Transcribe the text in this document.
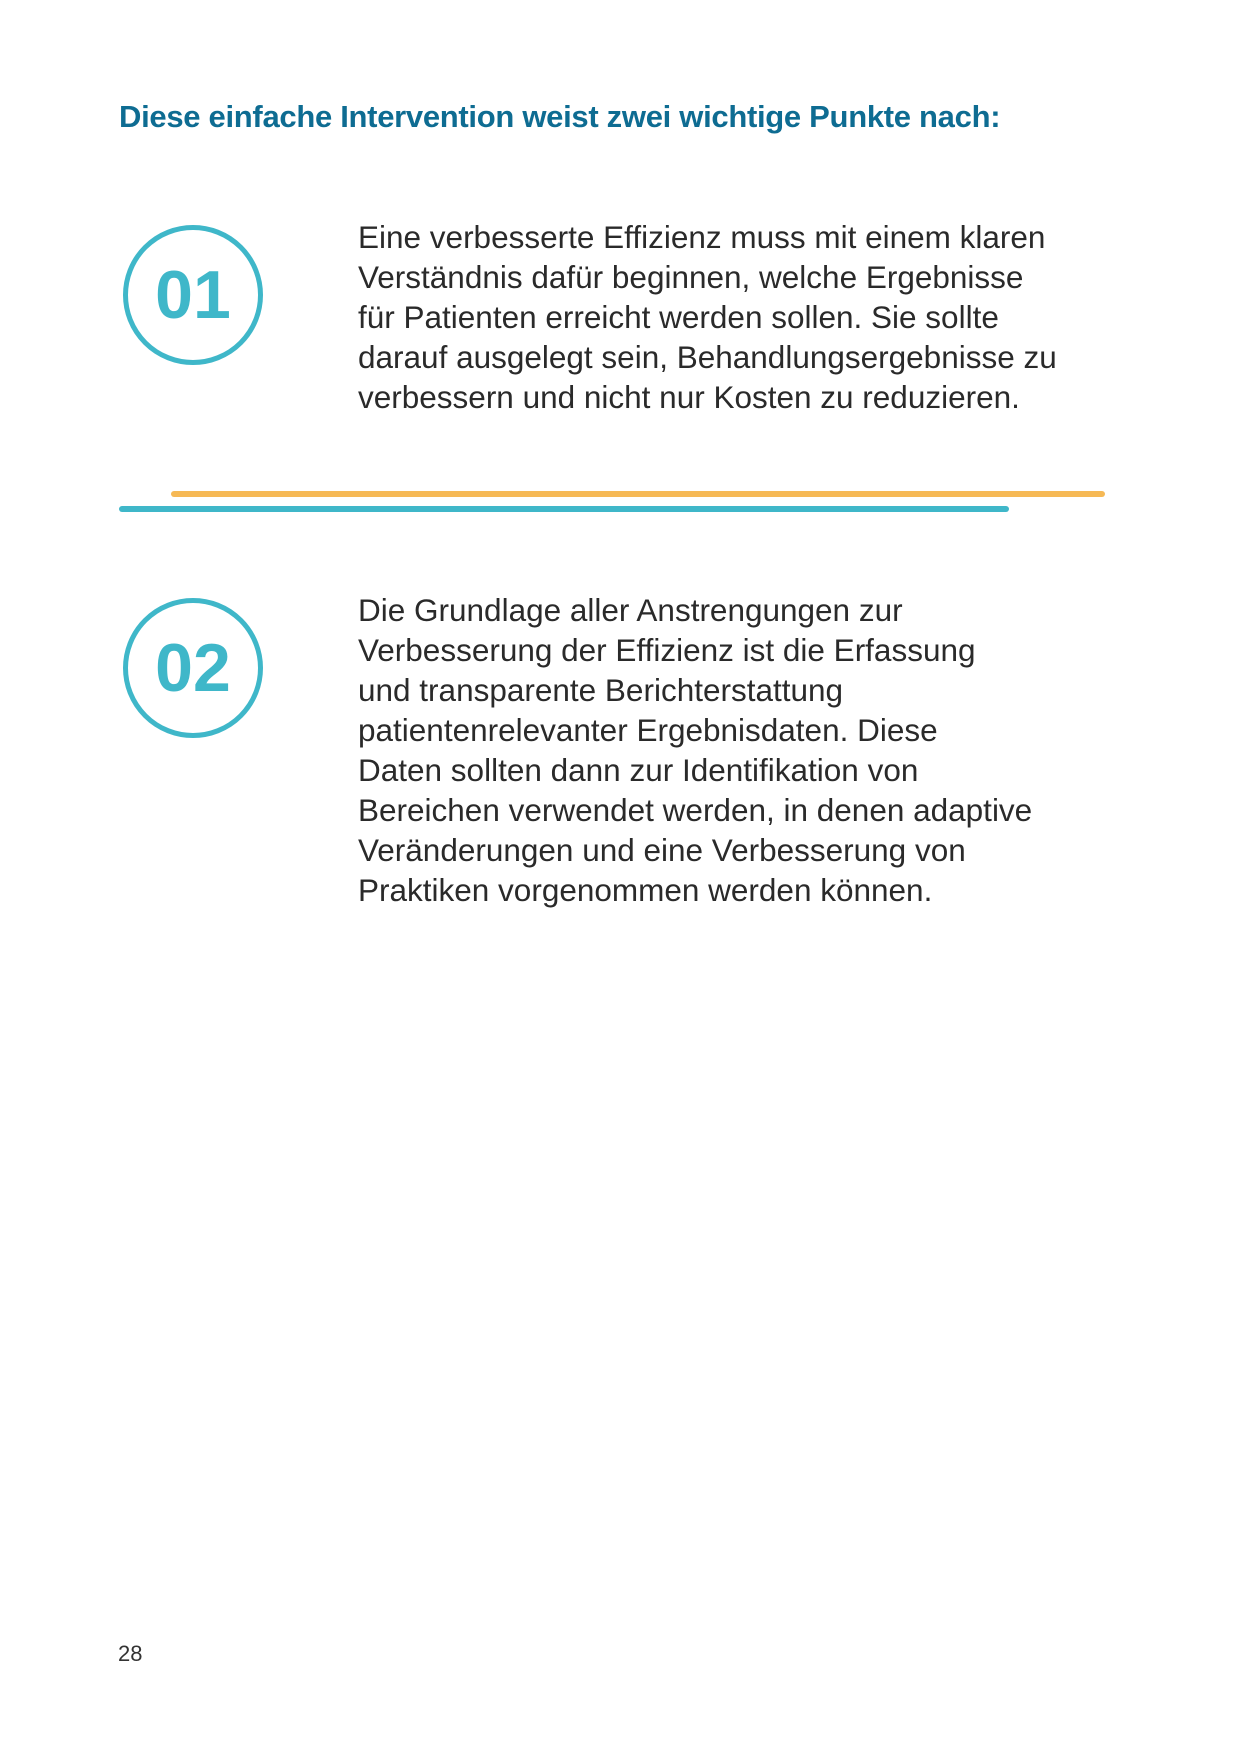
Diese einfache Intervention weist zwei wichtige Punkte nach:
01

Eine verbesserte Effizienz muss mit einem klaren
Verständnis dafür beginnen, welche Ergebnisse
für Patienten erreicht werden sollen. Sie sollte
darauf ausgelegt sein, Behandlungsergebnisse zu
verbessern und nicht nur Kosten zu reduzieren.

02

Die Grundlage aller Anstrengungen zur
Verbesserung der Effizienz ist die Erfassung
und transparente Berichterstattung
patientenrelevanter Ergebnisdaten. Diese
Daten sollten dann zur Identifikation von
Bereichen verwendet werden, in denen adaptive
Veränderungen und eine Verbesserung von
Praktiken vorgenommen werden können.

28
